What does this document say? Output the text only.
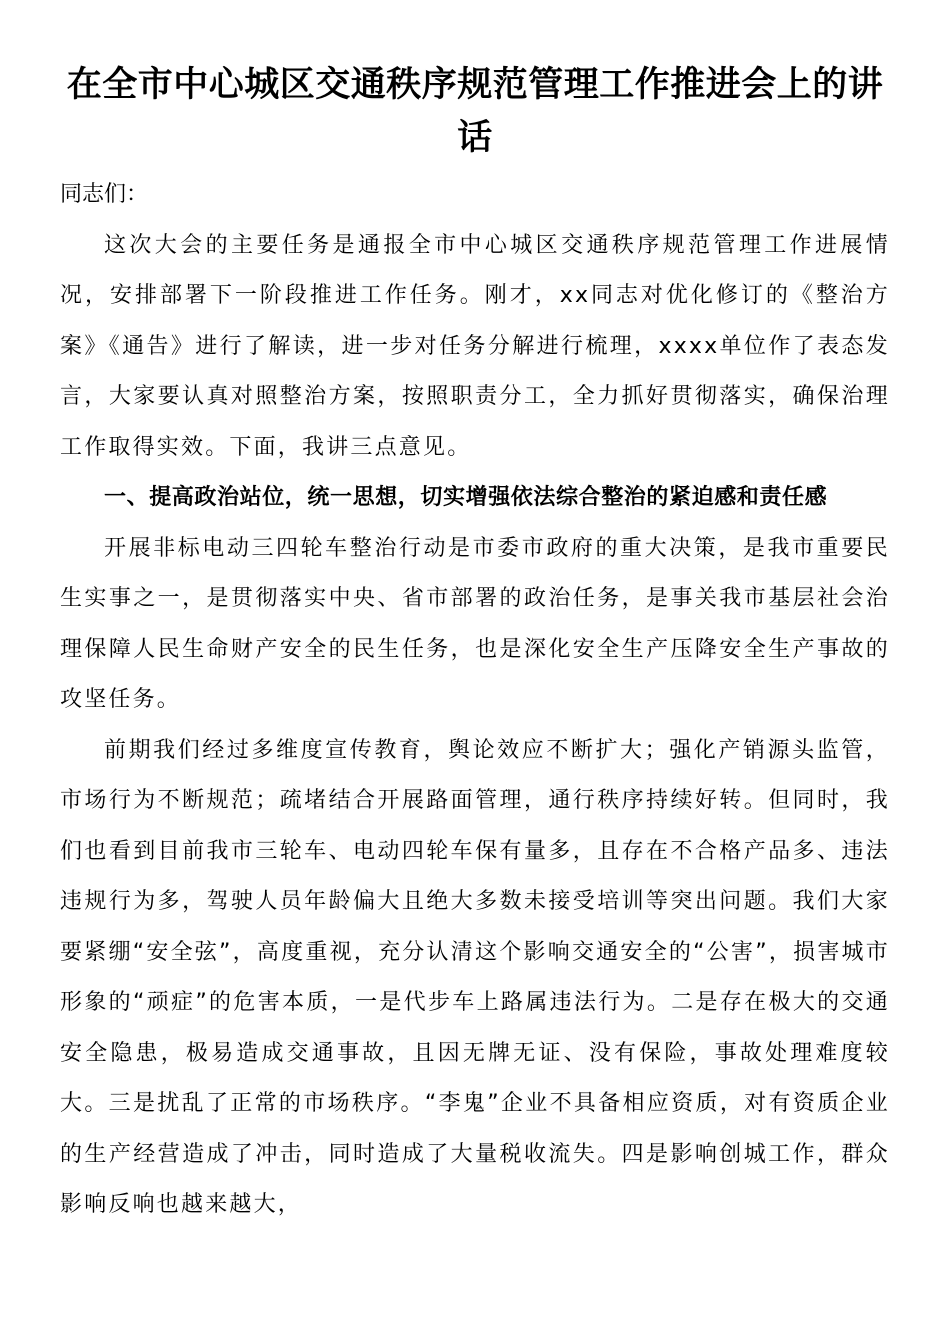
在全市中心城区交通秩序规范管理工作推进会上的讲话

同志们：

这次大会的主要任务是通报全市中心城区交通秩序规范管理工作进展情况，安排部署下一阶段推进工作任务。刚才，xx同志对优化修订的《整治方案》《通告》进行了解读，进一步对任务分解进行梳理，xxxx单位作了表态发言，大家要认真对照整治方案，按照职责分工，全力抓好贯彻落实，确保治理工作取得实效。下面，我讲三点意见。

一、提高政治站位，统一思想，切实增强依法综合整治的紧迫感和责任感

开展非标电动三四轮车整治行动是市委市政府的重大决策，是我市重要民生实事之一，是贯彻落实中央、省市部署的政治任务，是事关我市基层社会治理保障人民生命财产安全的民生任务，也是深化安全生产压降安全生产事故的攻坚任务。

前期我们经过多维度宣传教育，舆论效应不断扩大；强化产销源头监管，市场行为不断规范；疏堵结合开展路面管理，通行秩序持续好转。但同时，我们也看到目前我市三轮车、电动四轮车保有量多，且存在不合格产品多、违法违规行为多，驾驶人员年龄偏大且绝大多数未接受培训等突出问题。我们大家要紧绷“安全弦”，高度重视，充分认清这个影响交通安全的“公害”，损害城市形象的“顽症”的危害本质，一是代步车上路属违法行为。二是存在极大的交通安全隐患，极易造成交通事故，且因无牌无证、没有保险，事故处理难度较大。三是扰乱了正常的市场秩序。“李鬼”企业不具备相应资质，对有资质企业的生产经营造成了冲击，同时造成了大量税收流失。四是影响创城工作，群众影响反响也越来越大，
